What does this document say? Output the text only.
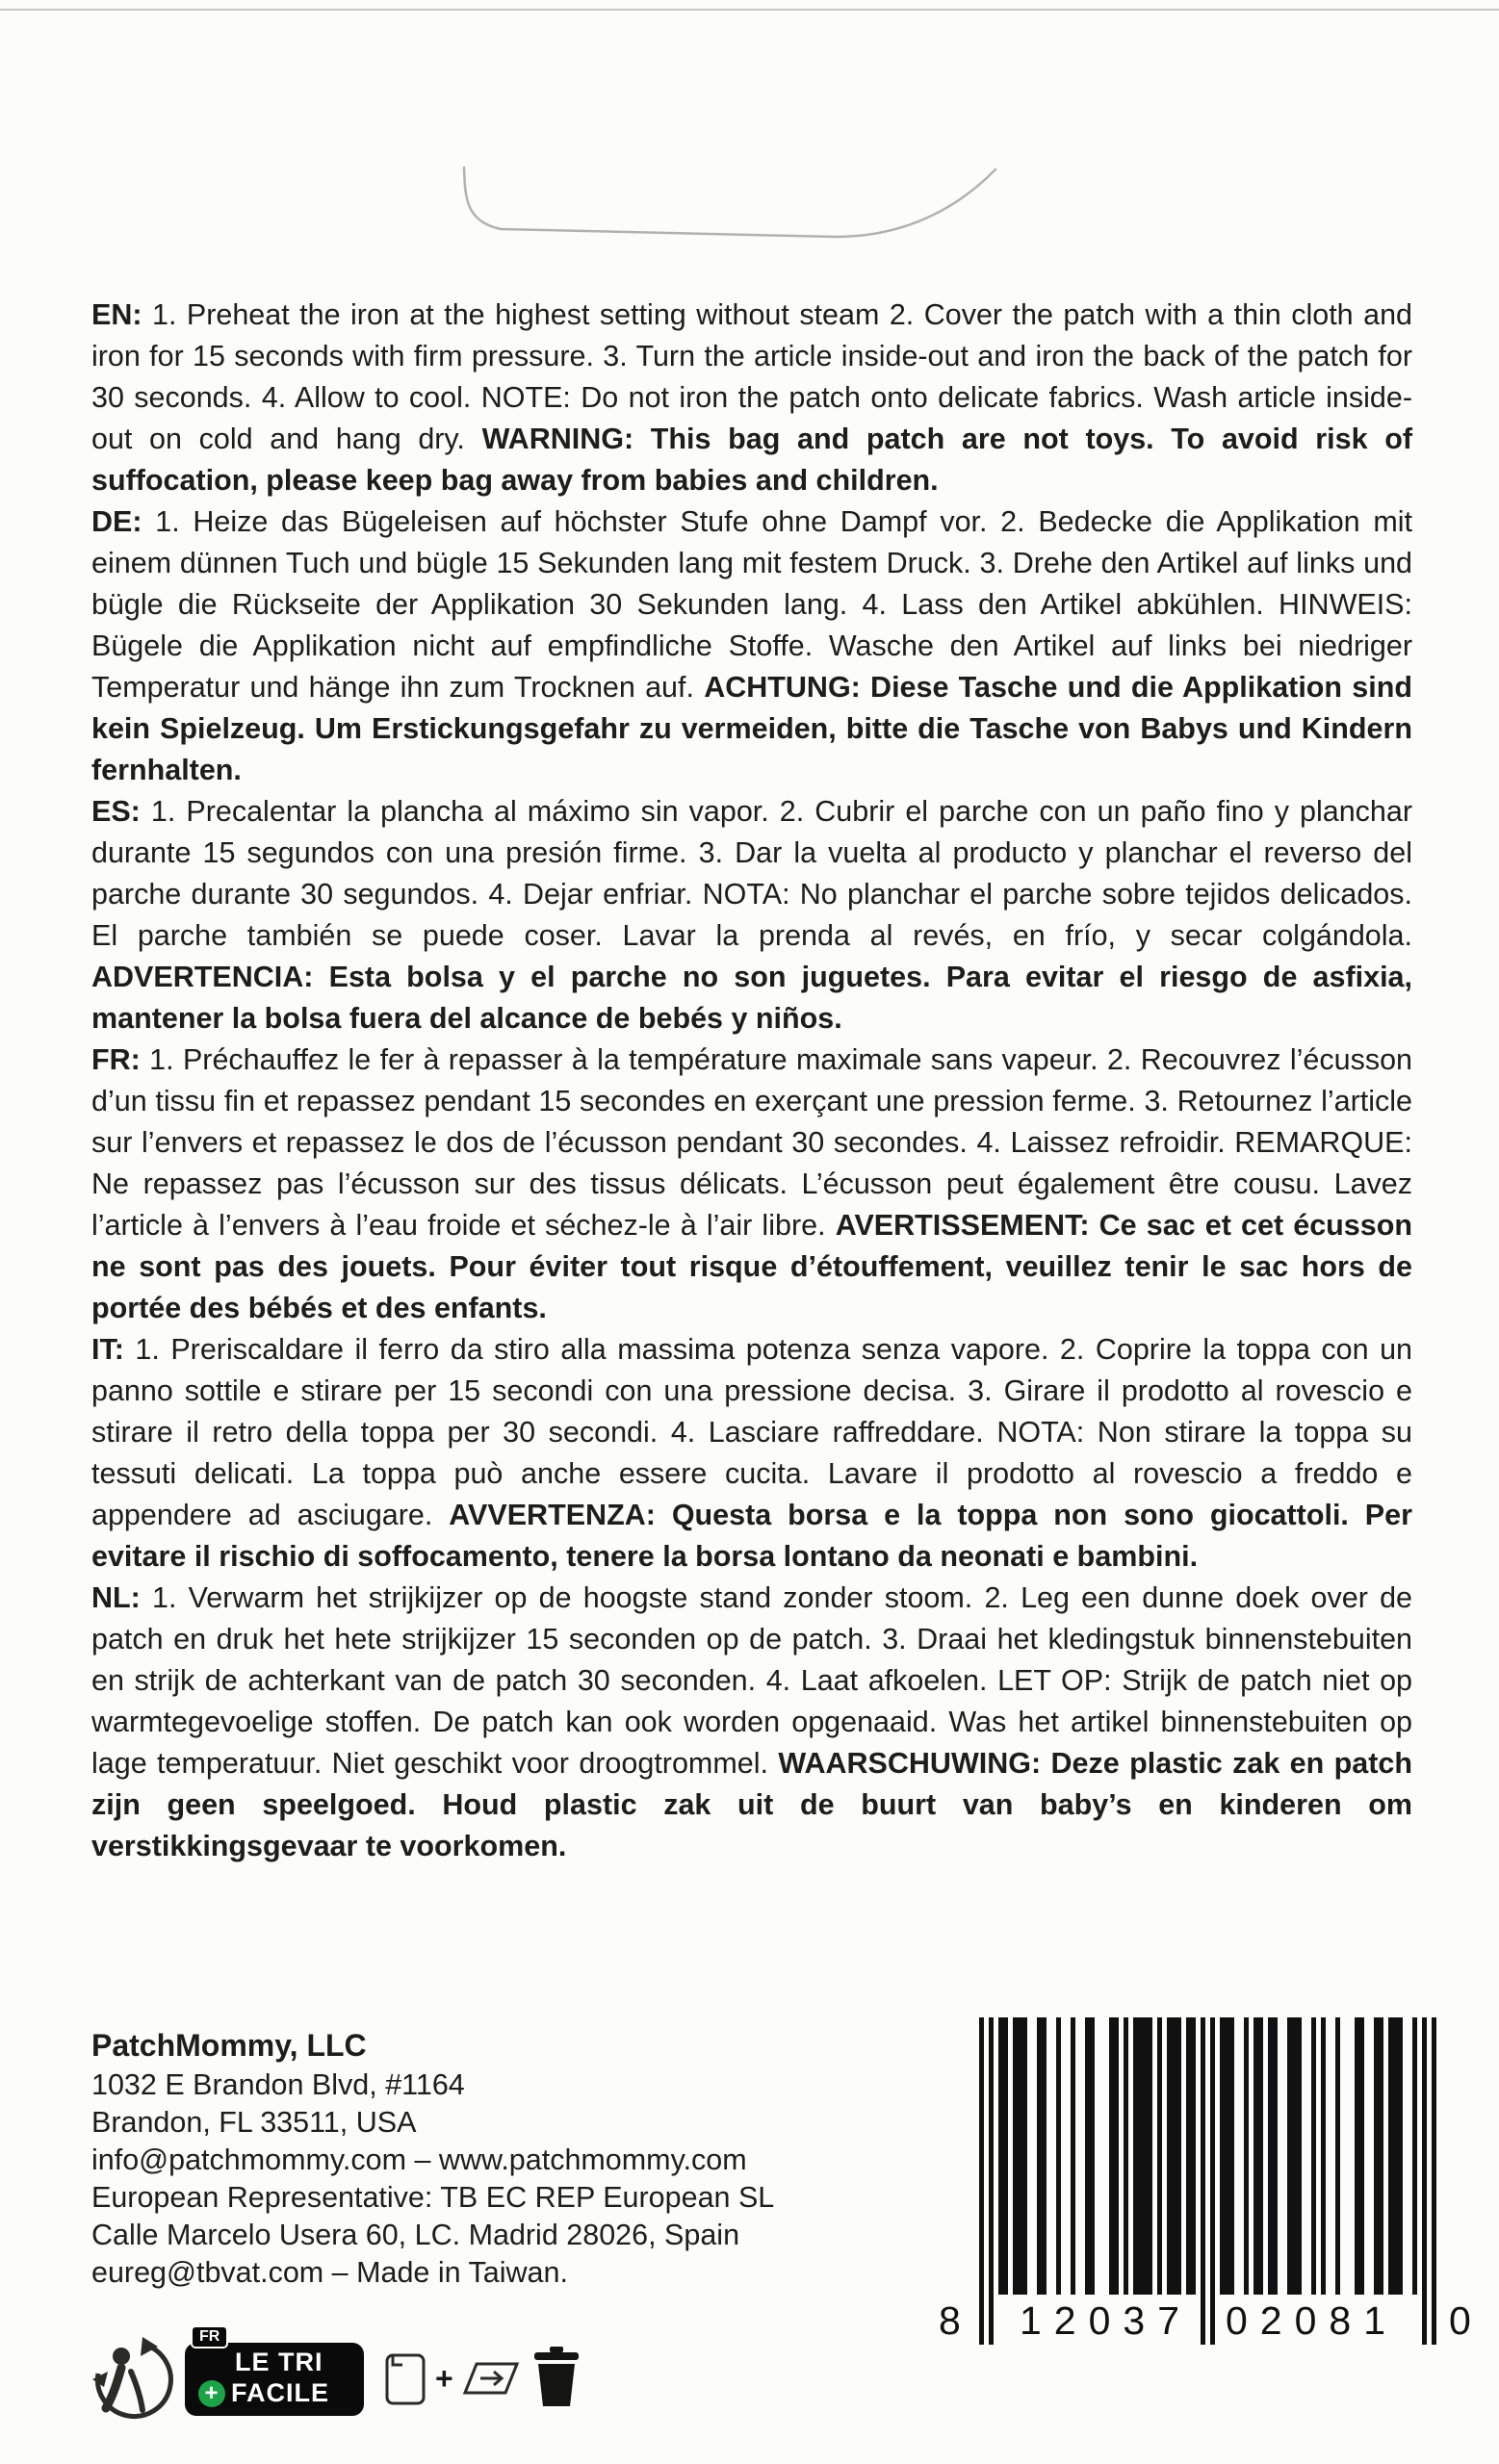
EN: 1. Preheat the iron at the highest setting without steam 2. Cover the patch with a thin cloth and iron for 15 seconds with firm pressure. 3. Turn the article inside-out and iron the back of the patch for 30 seconds. 4. Allow to cool. NOTE: Do not iron the patch onto delicate fabrics. Wash article inside-out on cold and hang dry. WARNING: This bag and patch are not toys. To avoid risk of suffocation, please keep bag away from babies and children.

DE: 1. Heize das Bügeleisen auf höchster Stufe ohne Dampf vor. 2. Bedecke die Applikation mit einem dünnen Tuch und bügle 15 Sekunden lang mit festem Druck. 3. Drehe den Artikel auf links und bügle die Rückseite der Applikation 30 Sekunden lang. 4. Lass den Artikel abkühlen. HINWEIS: Bügele die Applikation nicht auf empfindliche Stoffe. Wasche den Artikel auf links bei niedriger Temperatur und hänge ihn zum Trocknen auf. ACHTUNG: Diese Tasche und die Applikation sind kein Spielzeug. Um Erstickungsgefahr zu vermeiden, bitte die Tasche von Babys und Kindern fernhalten.

ES: 1. Precalentar la plancha al máximo sin vapor. 2. Cubrir el parche con un paño fino y planchar durante 15 segundos con una presión firme. 3. Dar la vuelta al producto y planchar el reverso del parche durante 30 segundos. 4. Dejar enfriar. NOTA: No planchar el parche sobre tejidos delicados. El parche también se puede coser. Lavar la prenda al revés, en frío, y secar colgándola. ADVERTENCIA: Esta bolsa y el parche no son juguetes. Para evitar el riesgo de asfixia, mantener la bolsa fuera del alcance de bebés y niños.

FR: 1. Préchauffez le fer à repasser à la température maximale sans vapeur. 2. Recouvrez l’écusson d’un tissu fin et repassez pendant 15 secondes en exerçant une pression ferme. 3. Retournez l’article sur l’envers et repassez le dos de l’écusson pendant 30 secondes. 4. Laissez refroidir. REMARQUE: Ne repassez pas l’écusson sur des tissus délicats. L’écusson peut également être cousu. Lavez l’article à l’envers à l’eau froide et séchez-le à l’air libre. AVERTISSEMENT: Ce sac et cet écusson ne sont pas des jouets. Pour éviter tout risque d’étouffement, veuillez tenir le sac hors de portée des bébés et des enfants.

IT: 1. Preriscaldare il ferro da stiro alla massima potenza senza vapore. 2. Coprire la toppa con un panno sottile e stirare per 15 secondi con una pressione decisa. 3. Girare il prodotto al rovescio e stirare il retro della toppa per 30 secondi. 4. Lasciare raffreddare. NOTA: Non stirare la toppa su tessuti delicati. La toppa può anche essere cucita. Lavare il prodotto al rovescio a freddo e appendere ad asciugare. AVVERTENZA: Questa borsa e la toppa non sono giocattoli. Per evitare il rischio di soffocamento, tenere la borsa lontano da neonati e bambini.

NL: 1. Verwarm het strijkijzer op de hoogste stand zonder stoom. 2. Leg een dunne doek over de patch en druk het hete strijkijzer 15 seconden op de patch. 3. Draai het kledingstuk binnenstebuiten en strijk de achterkant van de patch 30 seconden. 4. Laat afkoelen. LET OP: Strijk de patch niet op warmtegevoelige stoffen. De patch kan ook worden opgenaaid. Was het artikel binnenstebuiten op lage temperatuur. Niet geschikt voor droogtrommel. WAARSCHUWING: Deze plastic zak en patch zijn geen speelgoed. Houd plastic zak uit de buurt van baby’s en kinderen om verstikkingsgevaar te voorkomen.

PatchMommy, LLC
1032 E Brandon Blvd, #1164
Brandon, FL 33511, USA
info@patchmommy.com – www.patchmommy.com
European Representative: TB EC REP European SL
Calle Marcelo Usera 60, LC. Madrid 28026, Spain
eureg@tbvat.com – Made in Taiwan.
8 12037 02081 0
FR
LE TRI
+ FACILE	+
